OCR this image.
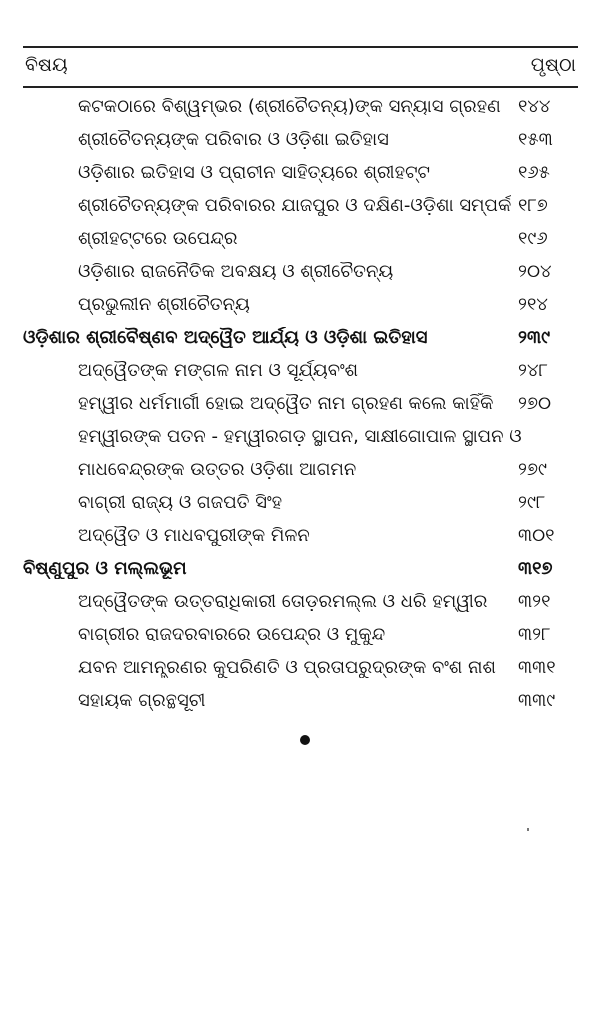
ବିଷୟ	ପୃଷ୍ଠା
କଟକଠାରେ ବିଶ୍ୱମ୍ଭର (ଶ୍ରୀଚୈତନ୍ୟ)ଙ୍କ ସନ୍ୟାସ ଗ୍ରହଣ ୧୪୪
ଶ୍ରୀଚୈତନ୍ୟଙ୍କ ପରିବାର ଓ ଓଡ଼ିଶା ଇତିହାସ	୧୫୩
ଓଡ଼ିଶାର ଇତିହାସ ଓ ପ୍ରାଚୀନ ସାହିତ୍ୟରେ ଶ୍ରୀହଟ୍ଟ	୧୬୫
ଶ୍ରୀଚୈତନ୍ୟଙ୍କ ପରିବାରର ଯାଜପୁର ଓ ଦକ୍ଷିଣ-ଓଡ଼ିଶା ସମ୍ପର୍କ ୧୮୭
ଶ୍ରୀହଟ୍ଟରେ ଉପେନ୍ଦ୍ର	୧୯୬
ଓଡ଼ିଶାର ରାଜନୈତିକ ଅବକ୍ଷୟ ଓ ଶ୍ରୀଚୈତନ୍ୟ	୨୦୪
ପ୍ରଭୁଲୀନ ଶ୍ରୀଚୈତନ୍ୟ	୨୧୪
ଓଡ଼ିଶାର ଶ୍ରୀବୈଷ୍ଣବ ଅଦ୍ୱୈତ ଆର୍ଯ୍ୟ ଓ ଓଡ଼ିଶା ଇତିହାସ	୨୩୯
ଅଦ୍ୱୈତଙ୍କ ମଙ୍ଗଳ ନାମ ଓ ସୂର୍ଯ୍ୟବଂଶ	୨୪୮
ହମ୍ୱୀର ଧର୍ମମାର୍ଗୀ ହୋଇ ଅଦ୍ୱୈତ ନାମ ଗ୍ରହଣ କଲେ କାହିଁକି ୨୭୦
ହମ୍ୱୀରଙ୍କ ପତନ - ହମ୍ୱୀରଗଡ଼ ସ୍ଥାପନ, ସାକ୍ଷୀଗୋପାଳ ସ୍ଥାପନ ଓ
ମାଧବେନ୍ଦ୍ରଙ୍କ ଉତ୍ତର ଓଡ଼ିଶା ଆଗମନ	୨୭୯
ବାଗ୍ରୀ ରାଜ୍ୟ ଓ ଗଜପତି ସିଂହ	୨୯୮
ଅଦ୍ୱୈତ ଓ ମାଧବପୁରୀଙ୍କ ମିଳନ	୩୦୧
ବିଷ୍ଣୁପୁର ଓ ମଲ୍ଲଭୂମ	୩୧୭
ଅଦ୍ୱୈତଙ୍କ ଉତ୍ତରାଧିକାରୀ ତୋଡ଼ରମଲ୍ଲ ଓ ଧରି ହମ୍ୱୀର ୩୨୧
ବାଗ୍ରୀର ରାଜଦରବାରରେ ଉପେନ୍ଦ୍ର ଓ ମୁକୁନ୍ଦ	୩୨୮
ଯବନ ଆମନ୍ତ୍ରଣର କୁପରିଣତି ଓ ପ୍ରତାପରୁଦ୍ରଙ୍କ ବଂଶ ନାଶ ୩୩୧
ସହାୟକ ଗ୍ରନ୍ଥସୂଚୀ	୩୩୯
